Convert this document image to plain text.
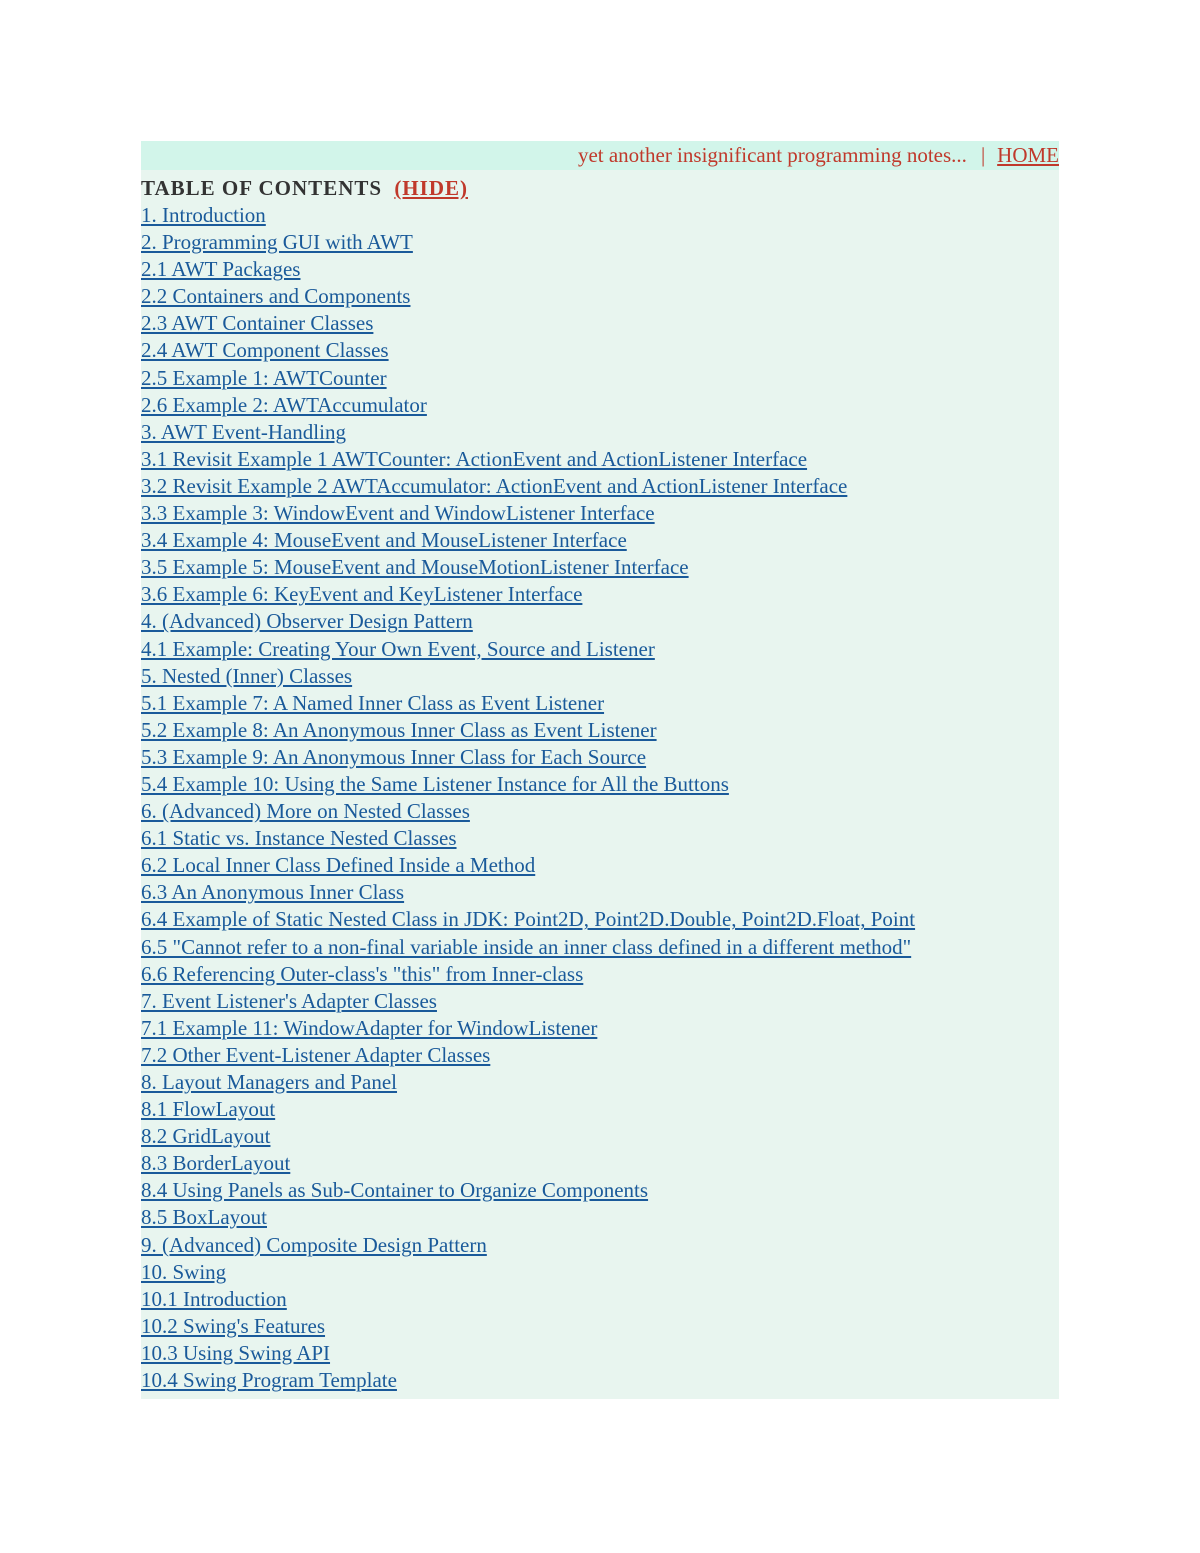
yet another insignificant programming notes... | HOME
TABLE OF CONTENTS (HIDE)
1. Introduction
2. Programming GUI with AWT
2.1 AWT Packages
2.2 Containers and Components
2.3 AWT Container Classes
2.4 AWT Component Classes
2.5 Example 1: AWTCounter
2.6 Example 2: AWTAccumulator
3. AWT Event-Handling
3.1 Revisit Example 1 AWTCounter: ActionEvent and ActionListener Interface
3.2 Revisit Example 2 AWTAccumulator: ActionEvent and ActionListener Interface
3.3 Example 3: WindowEvent and WindowListener Interface
3.4 Example 4: MouseEvent and MouseListener Interface
3.5 Example 5: MouseEvent and MouseMotionListener Interface
3.6 Example 6: KeyEvent and KeyListener Interface
4. (Advanced) Observer Design Pattern
4.1 Example: Creating Your Own Event, Source and Listener
5. Nested (Inner) Classes
5.1 Example 7: A Named Inner Class as Event Listener
5.2 Example 8: An Anonymous Inner Class as Event Listener
5.3 Example 9: An Anonymous Inner Class for Each Source
5.4 Example 10: Using the Same Listener Instance for All the Buttons
6. (Advanced) More on Nested Classes
6.1 Static vs. Instance Nested Classes
6.2 Local Inner Class Defined Inside a Method
6.3 An Anonymous Inner Class
6.4 Example of Static Nested Class in JDK: Point2D, Point2D.Double, Point2D.Float, Point
6.5 "Cannot refer to a non-final variable inside an inner class defined in a different method"
6.6 Referencing Outer-class's "this" from Inner-class
7. Event Listener's Adapter Classes
7.1 Example 11: WindowAdapter for WindowListener
7.2 Other Event-Listener Adapter Classes
8. Layout Managers and Panel
8.1 FlowLayout
8.2 GridLayout
8.3 BorderLayout
8.4 Using Panels as Sub-Container to Organize Components
8.5 BoxLayout
9. (Advanced) Composite Design Pattern
10. Swing
10.1 Introduction
10.2 Swing's Features
10.3 Using Swing API
10.4 Swing Program Template
